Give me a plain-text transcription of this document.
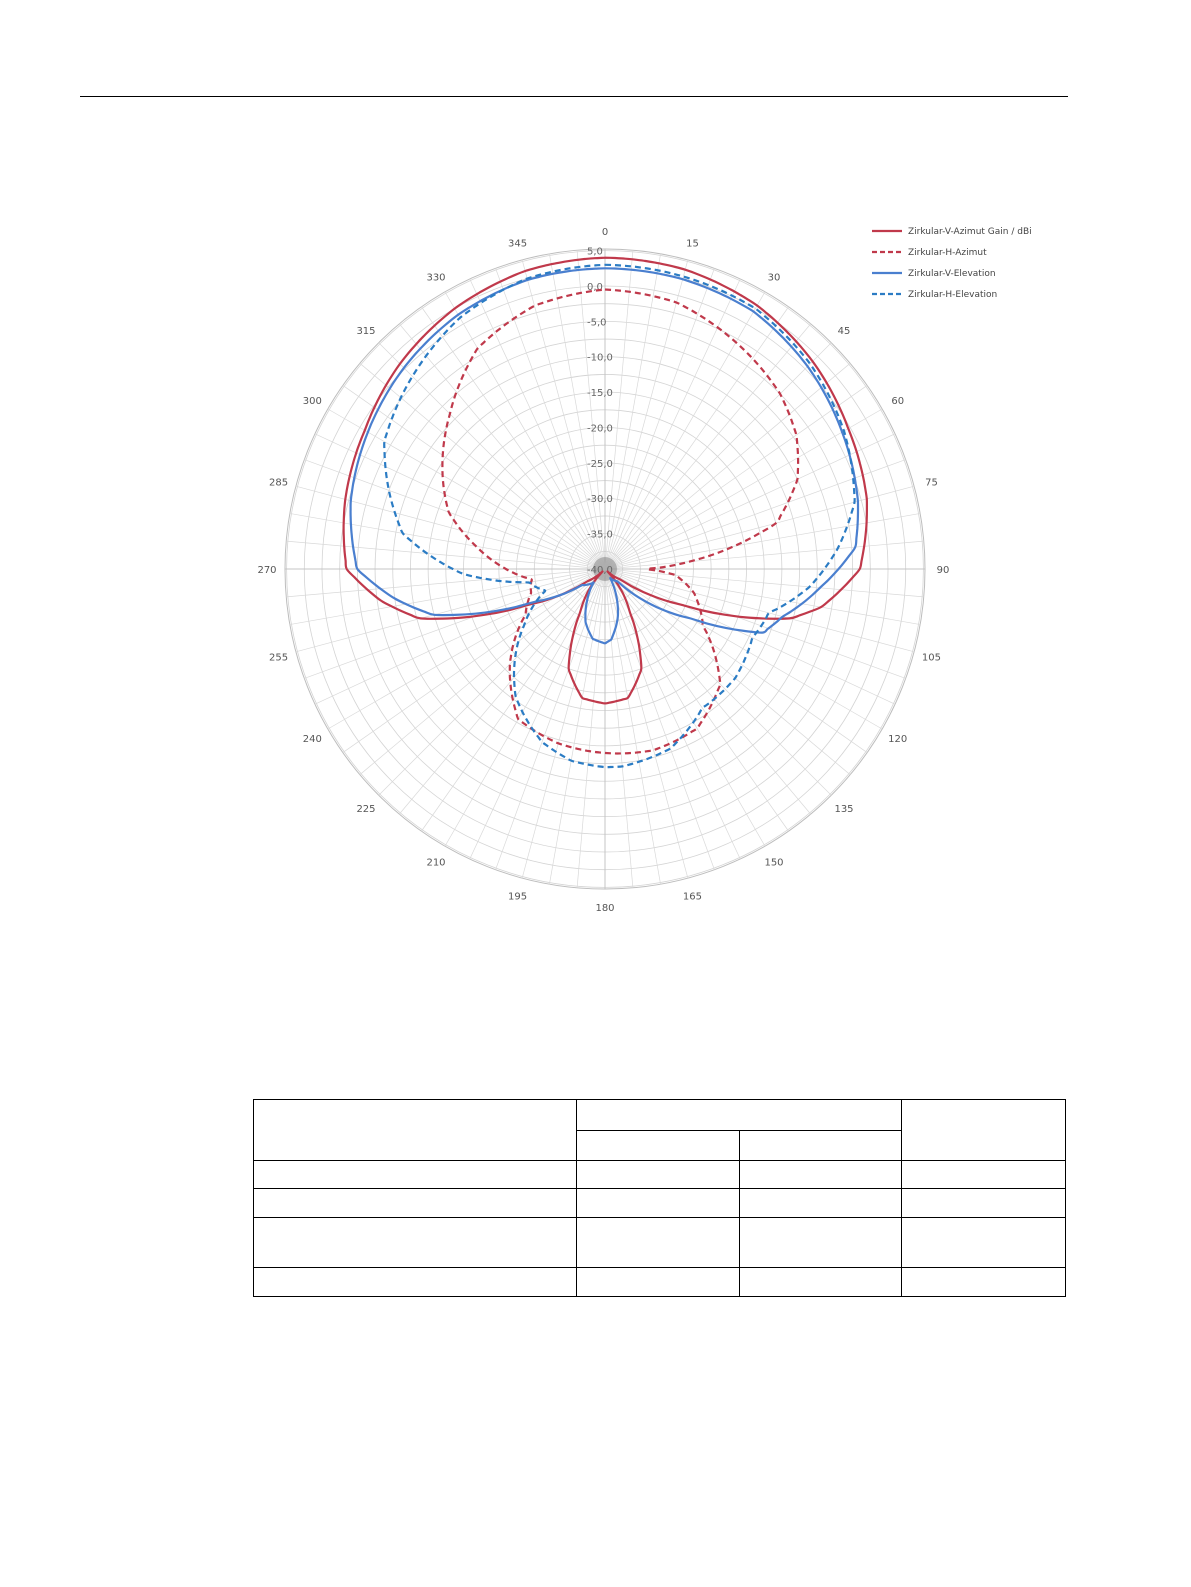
0
15
30
45
60
75
90
105
120
135
150
165
180
195
210
225
240
255
270
285
300
315
330
345
5,0
0,0
-5,0
-10,0
-15,0
-20,0
-25,0
-30,0
-35,0
-40,0
Zirkular-V-Azimut Gain / dBi
Zirkular-H-Azimut
Zirkular-V-Elevation
Zirkular-H-Elevation
